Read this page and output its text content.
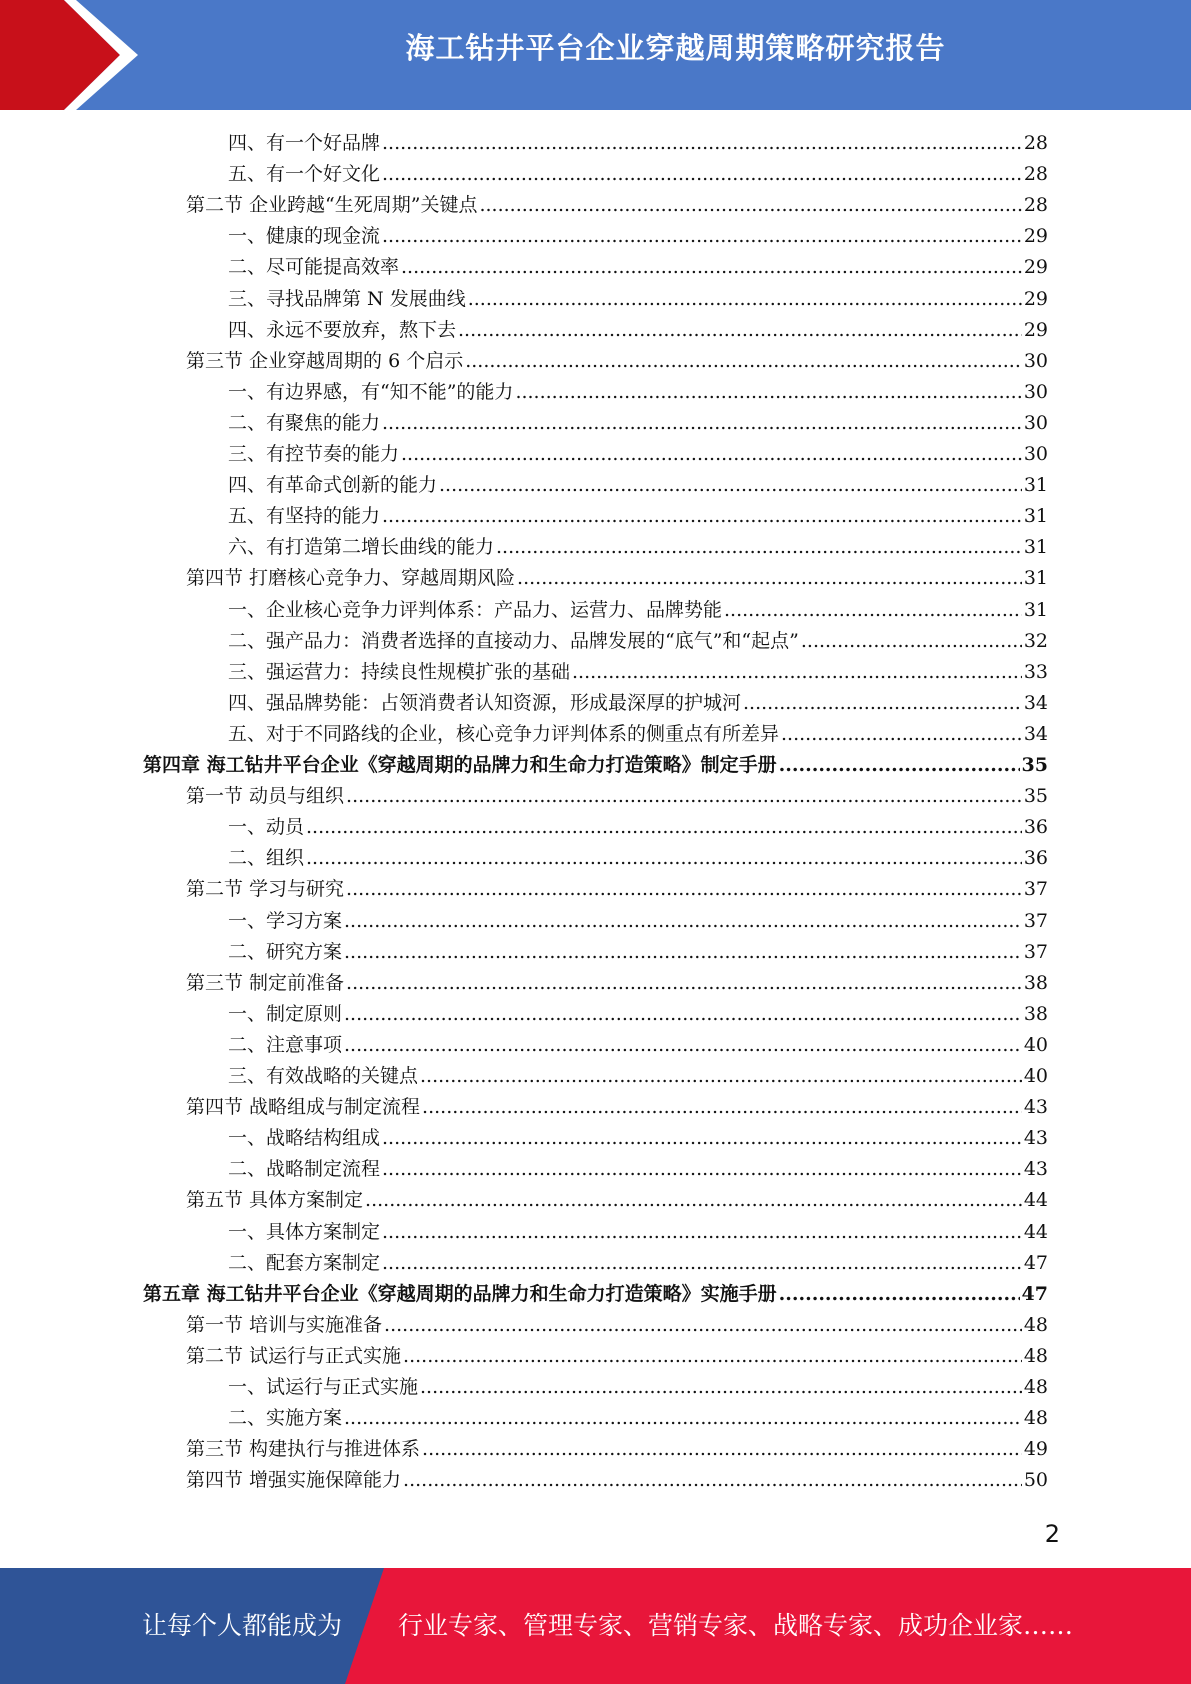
海工钻井平台企业穿越周期策略研究报告
四、有一个好品牌 .....	28
五、有一个好文化 .....	28
第二节 企业跨越“生死周期”关键点 .....	28
一、健康的现金流 .....	29
二、尽可能提高效率 .....	29
三、寻找品牌第 N 发展曲线 .....	29
四、永远不要放弃，熬下去 .....	29
第三节 企业穿越周期的 6 个启示 .....	30
一、有边界感，有“知不能”的能力 .....	30
二、有聚焦的能力 .....	30
三、有控节奏的能力 .....	30
四、有革命式创新的能力 .....	31
五、有坚持的能力 .....	31
六、有打造第二增长曲线的能力 .....	31
第四节 打磨核心竞争力、穿越周期风险 .....	31
一、企业核心竞争力评判体系：产品力、运营力、品牌势能 .....	31
二、强产品力：消费者选择的直接动力、品牌发展的“底气”和“起点” .....	32
三、强运营力：持续良性规模扩张的基础 .....	33
四、强品牌势能：占领消费者认知资源，形成最深厚的护城河 .....	34
五、对于不同路线的企业，核心竞争力评判体系的侧重点有所差异 .....	34
第四章 海工钻井平台企业《穿越周期的品牌力和生命力打造策略》制定手册 .....	35
第一节 动员与组织 .....	35
一、动员 .....	36
二、组织 .....	36
第二节 学习与研究 .....	37
一、学习方案 .....	37
二、研究方案 .....	37
第三节 制定前准备 .....	38
一、制定原则 .....	38
二、注意事项 .....	40
三、有效战略的关键点 .....	40
第四节 战略组成与制定流程 .....	43
一、战略结构组成 .....	43
二、战略制定流程 .....	43
第五节 具体方案制定 .....	44
一、具体方案制定 .....	44
二、配套方案制定 .....	47
第五章 海工钻井平台企业《穿越周期的品牌力和生命力打造策略》实施手册 .....	47
第一节 培训与实施准备 .....	48
第二节 试运行与正式实施 .....	48
一、试运行与正式实施 .....	48
二、实施方案 .....	48
第三节 构建执行与推进体系 .....	49
第四节 增强实施保障能力 .....	50
2
让每个人都能成为 行业专家、管理专家、营销专家、战略专家、成功企业家……
